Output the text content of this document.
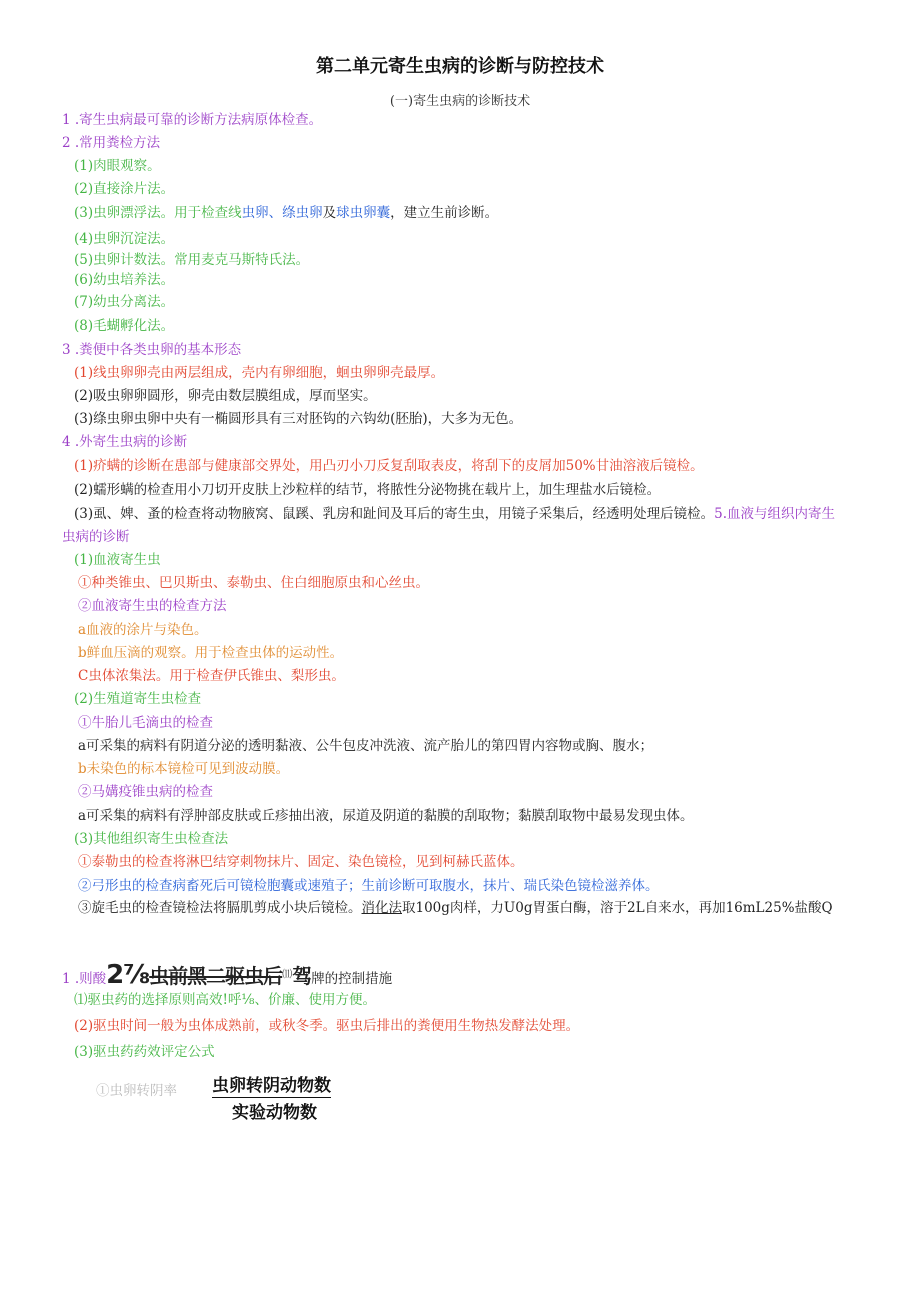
第二单元寄生虫病的诊断与防控技术
(一)寄生虫病的诊断技术
1 .寄生虫病最可靠的诊断方法病原体检查。
2 .常用粪检方法
(1)肉眼观察。
(2)直接涂片法。
(3)虫卵漂浮法。用于检查线虫卵、绦虫卵及球虫卵囊，建立生前诊断。
(4)虫卵沉淀法。
(5)虫卵计数法。常用麦克马斯特氏法。
(6)幼虫培养法。
(7)幼虫分离法。
(8)毛蝴孵化法。
3 .粪便中各类虫卵的基本形态
(1)线虫卵卵壳由两层组成，壳内有卵细胞，蛔虫卵卵壳最厚。
(2)吸虫卵卵圆形，卵壳由数层膜组成，厚而坚实。
(3)绦虫卵虫卵中央有一椭圆形具有三对胚钩的六钩幼(胚胎)，大多为无色。
4 .外寄生虫病的诊断
(1)疥螨的诊断在患部与健康部交界处，用凸刃小刀反复刮取表皮，将刮下的皮屑加50%甘油溶液后镜检。
(2)蠕形螨的检查用小刀切开皮肤上沙粒样的结节，将脓性分泌物挑在载片上，加生理盐水后镜检。
(3)虱、婢、蚤的检查将动物腋窝、鼠蹊、乳房和趾间及耳后的寄生虫，用镜子采集后，经透明处理后镜检。5.血液与组织内寄生虫病的诊断
(1)血液寄生虫
①种类锥虫、巴贝斯虫、泰勒虫、住白细胞原虫和心丝虫。
②血液寄生虫的检查方法
a血液的涂片与染色。
b鲜血压滴的观察。用于检查虫体的运动性。
C虫体浓集法。用于检查伊氏锥虫、梨形虫。
(2)生殖道寄生虫检查
①牛胎儿毛滴虫的检查
a可采集的病料有阴道分泌的透明黏液、公牛包皮冲洗液、流产胎儿的第四胃内容物或胸、腹水；
b未染色的标本镜检可见到波动膜。
②马媾疫锥虫病的检查
a可采集的病料有浮肿部皮肤或丘疹抽出液，尿道及阴道的黏膜的刮取物；黏膜刮取物中最易发现虫体。
(3)其他组织寄生虫检查法
①泰勒虫的检查将淋巴结穿刺物抹片、固定、染色镜检，见到柯赫氏蓝体。
②弓形虫的检查病畜死后可镜检胞囊或速殖子；生前诊断可取腹水，抹片、瑞氏染色镜检滋养体。
③旋毛虫的检查镜检法将膈肌剪成小块后镜检。消化法取100g肉样，力U0g胃蛋白酶，溶于2L自来水，再加16mL25%盐酸Q
1 .则酸2⅞虫前黑二驱虫后⑾驾牌的控制措施
⑴驱虫药的选择原则高效!呼⅛、价廉、使用方便。
(2)驱虫时间一般为虫体成熟前，或秋冬季。驱虫后排出的粪便用生物热发酵法处理。
(3)驱虫药药效评定公式
①虫卵转阴率 虫卵转阴动物数
实验动物数
